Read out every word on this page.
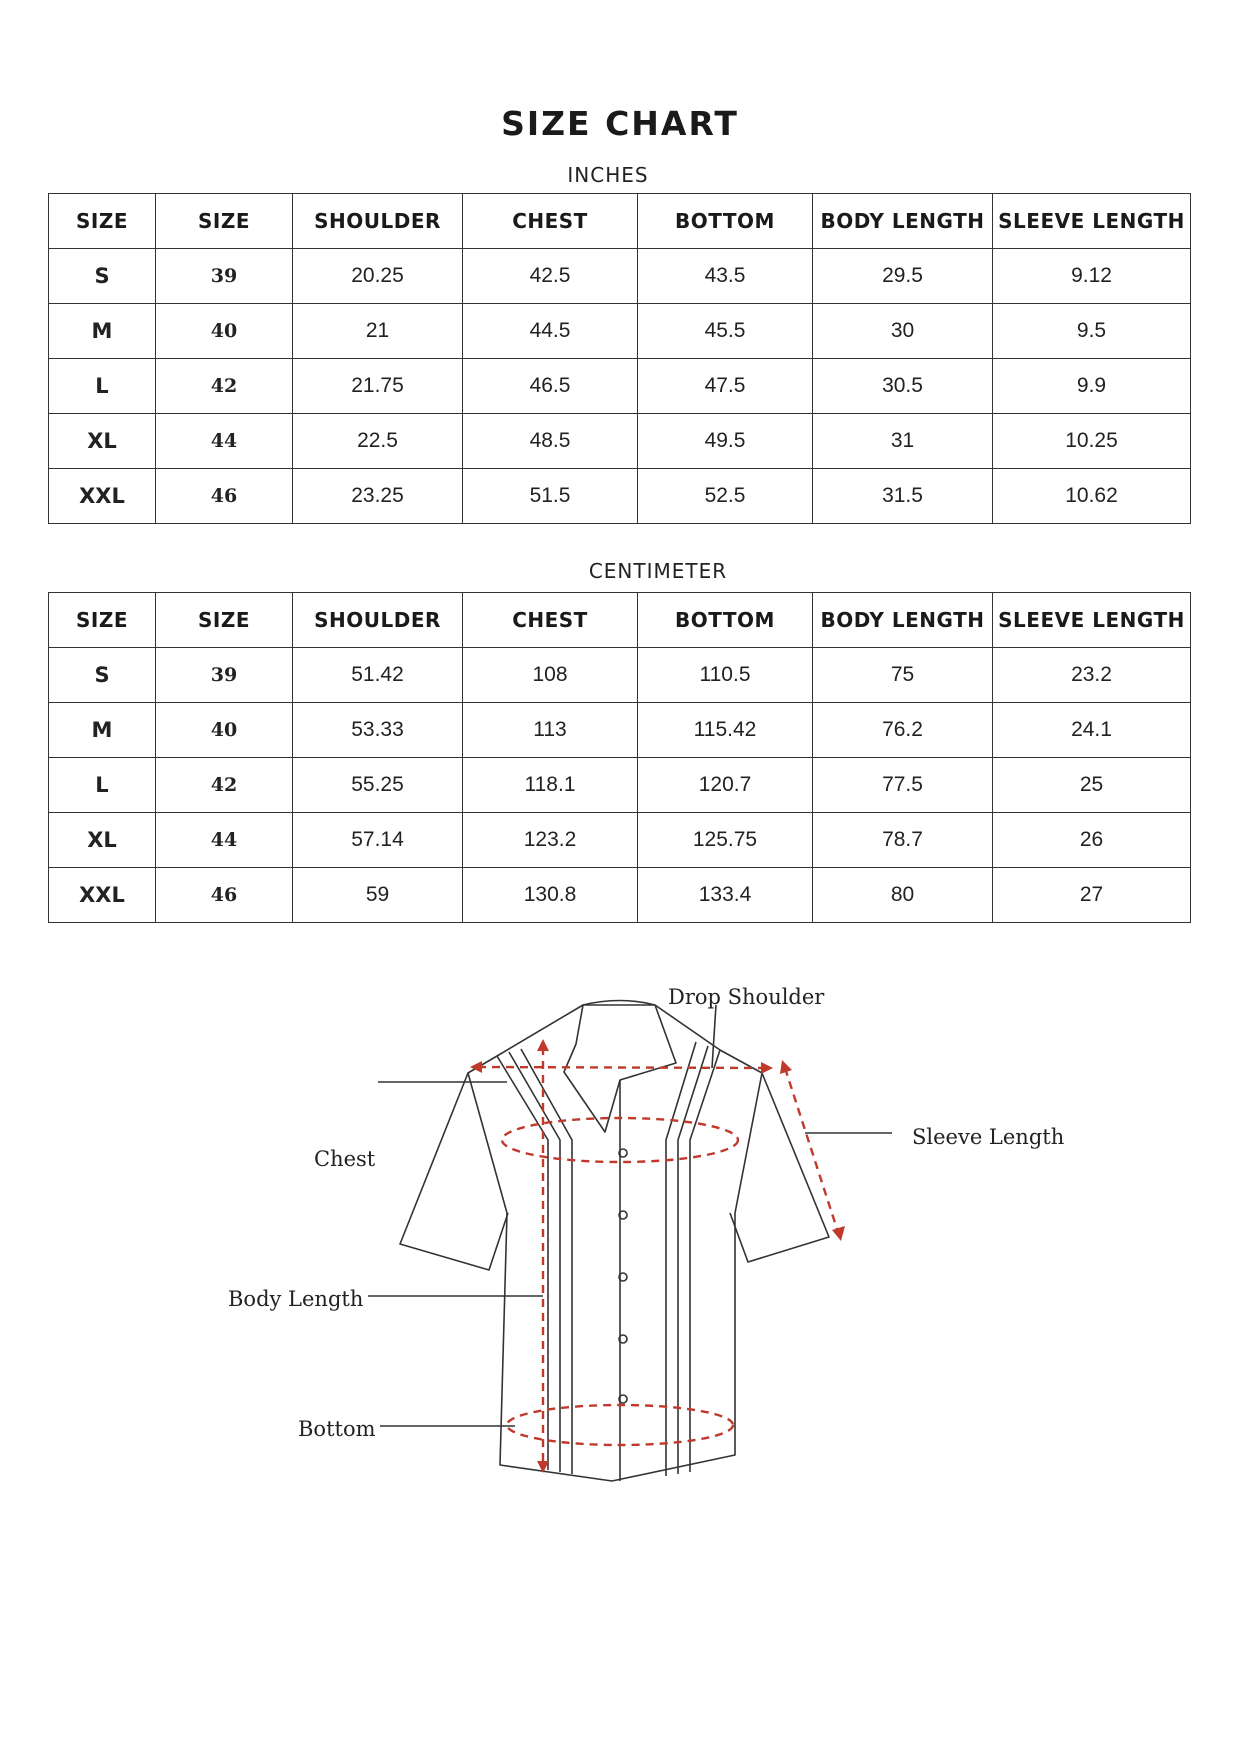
SIZE CHART
INCHES
SIZE	SIZE	SHOULDER	CHEST	BOTTOM	BODY LENGTH	SLEEVE LENGTH
S	39	20.25	42.5	43.5	29.5	9.12
M	40	21	44.5	45.5	30	9.5
L	42	21.75	46.5	47.5	30.5	9.9
XL	44	22.5	48.5	49.5	31	10.25
XXL	46	23.25	51.5	52.5	31.5	10.62
CENTIMETER
SIZE	SIZE	SHOULDER	CHEST	BOTTOM	BODY LENGTH	SLEEVE LENGTH
S	39	51.42	108	110.5	75	23.2
M	40	53.33	113	115.42	76.2	24.1
L	42	55.25	118.1	120.7	77.5	25
XL	44	57.14	123.2	125.75	78.7	26
XXL	46	59	130.8	133.4	80	27
Drop Shoulder
Sleeve Length
Chest
Body Length
Bottom
